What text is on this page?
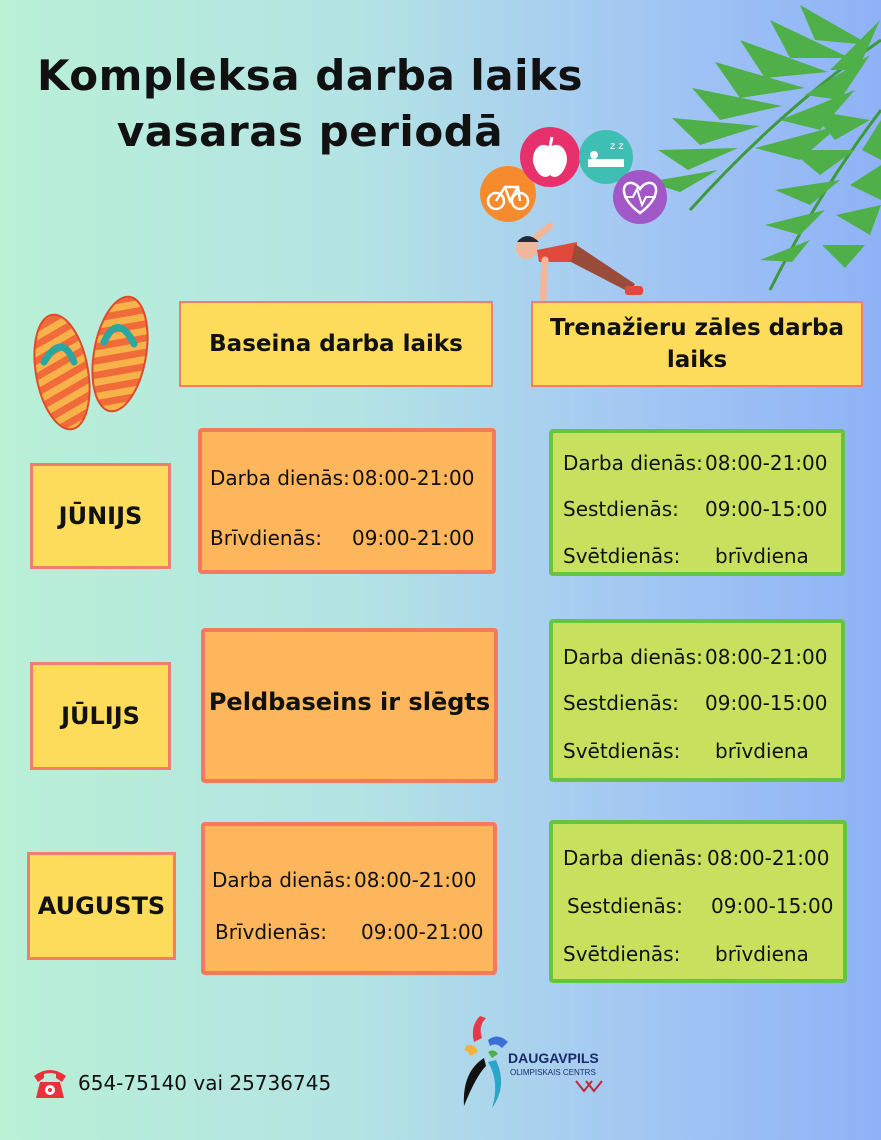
Kompleksa darba laiks
vasaras periodā	z z
Baseina darba laiks
Trenažieru zāles darba
laiks
JŪNIJS
Darba dienās: 08:00-21:00
Brīvdienās: 09:00-21:00
Darba dienās: 08:00-21:00
Sestdienās: 09:00-15:00
Svētdienās: brīvdiena
JŪLIJS	Peldbaseins ir slēgts
Darba dienās: 08:00-21:00
Sestdienās: 09:00-15:00
Svētdienās: brīvdiena
AUGUSTS
Darba dienās: 08:00-21:00
Brīvdienās: 09:00-21:00
Darba dienās: 08:00-21:00
Sestdienās: 09:00-15:00
Svētdienās: brīvdiena
DAUGAVPILS
OLIMPISKAIS CENTRS
654-75140 vai 25736745
